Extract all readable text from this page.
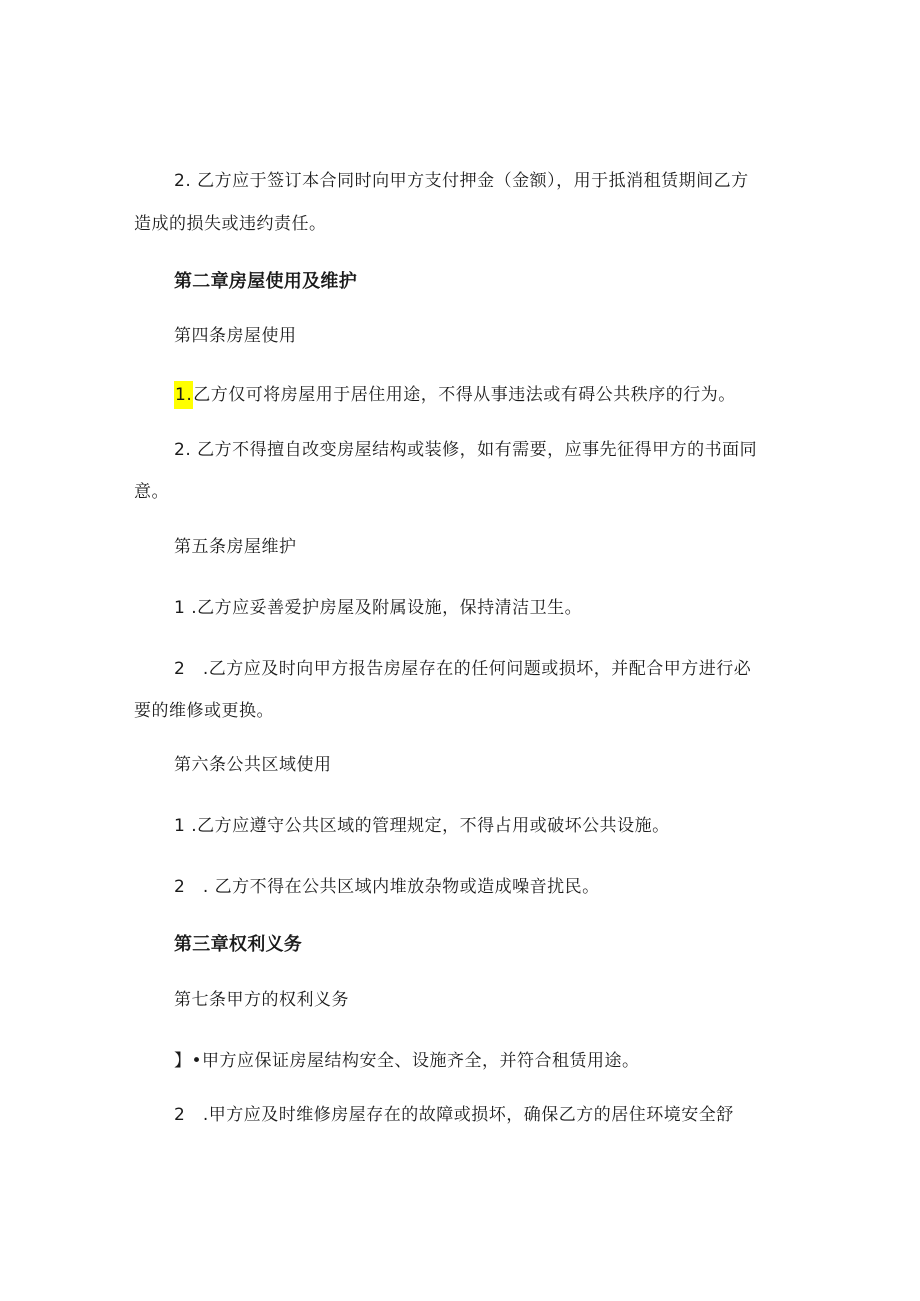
2. 乙方应于签订本合同时向甲方支付押金（金额），用于抵消租赁期间乙方
造成的损失或违约责任。
第二章房屋使用及维护
第四条房屋使用
1.乙方仅可将房屋用于居住用途，不得从事违法或有碍公共秩序的行为。
2. 乙方不得擅自改变房屋结构或装修，如有需要，应事先征得甲方的书面同
意。
第五条房屋维护
1 .乙方应妥善爱护房屋及附属设施，保持清洁卫生。
2　.乙方应及时向甲方报告房屋存在的任何问题或损坏，并配合甲方进行必
要的维修或更换。
第六条公共区域使用
1 .乙方应遵守公共区域的管理规定，不得占用或破坏公共设施。
2　. 乙方不得在公共区域内堆放杂物或造成噪音扰民。
第三章权利义务
第七条甲方的权利义务
】•甲方应保证房屋结构安全、设施齐全，并符合租赁用途。
2　.甲方应及时维修房屋存在的故障或损坏，确保乙方的居住环境安全舒
